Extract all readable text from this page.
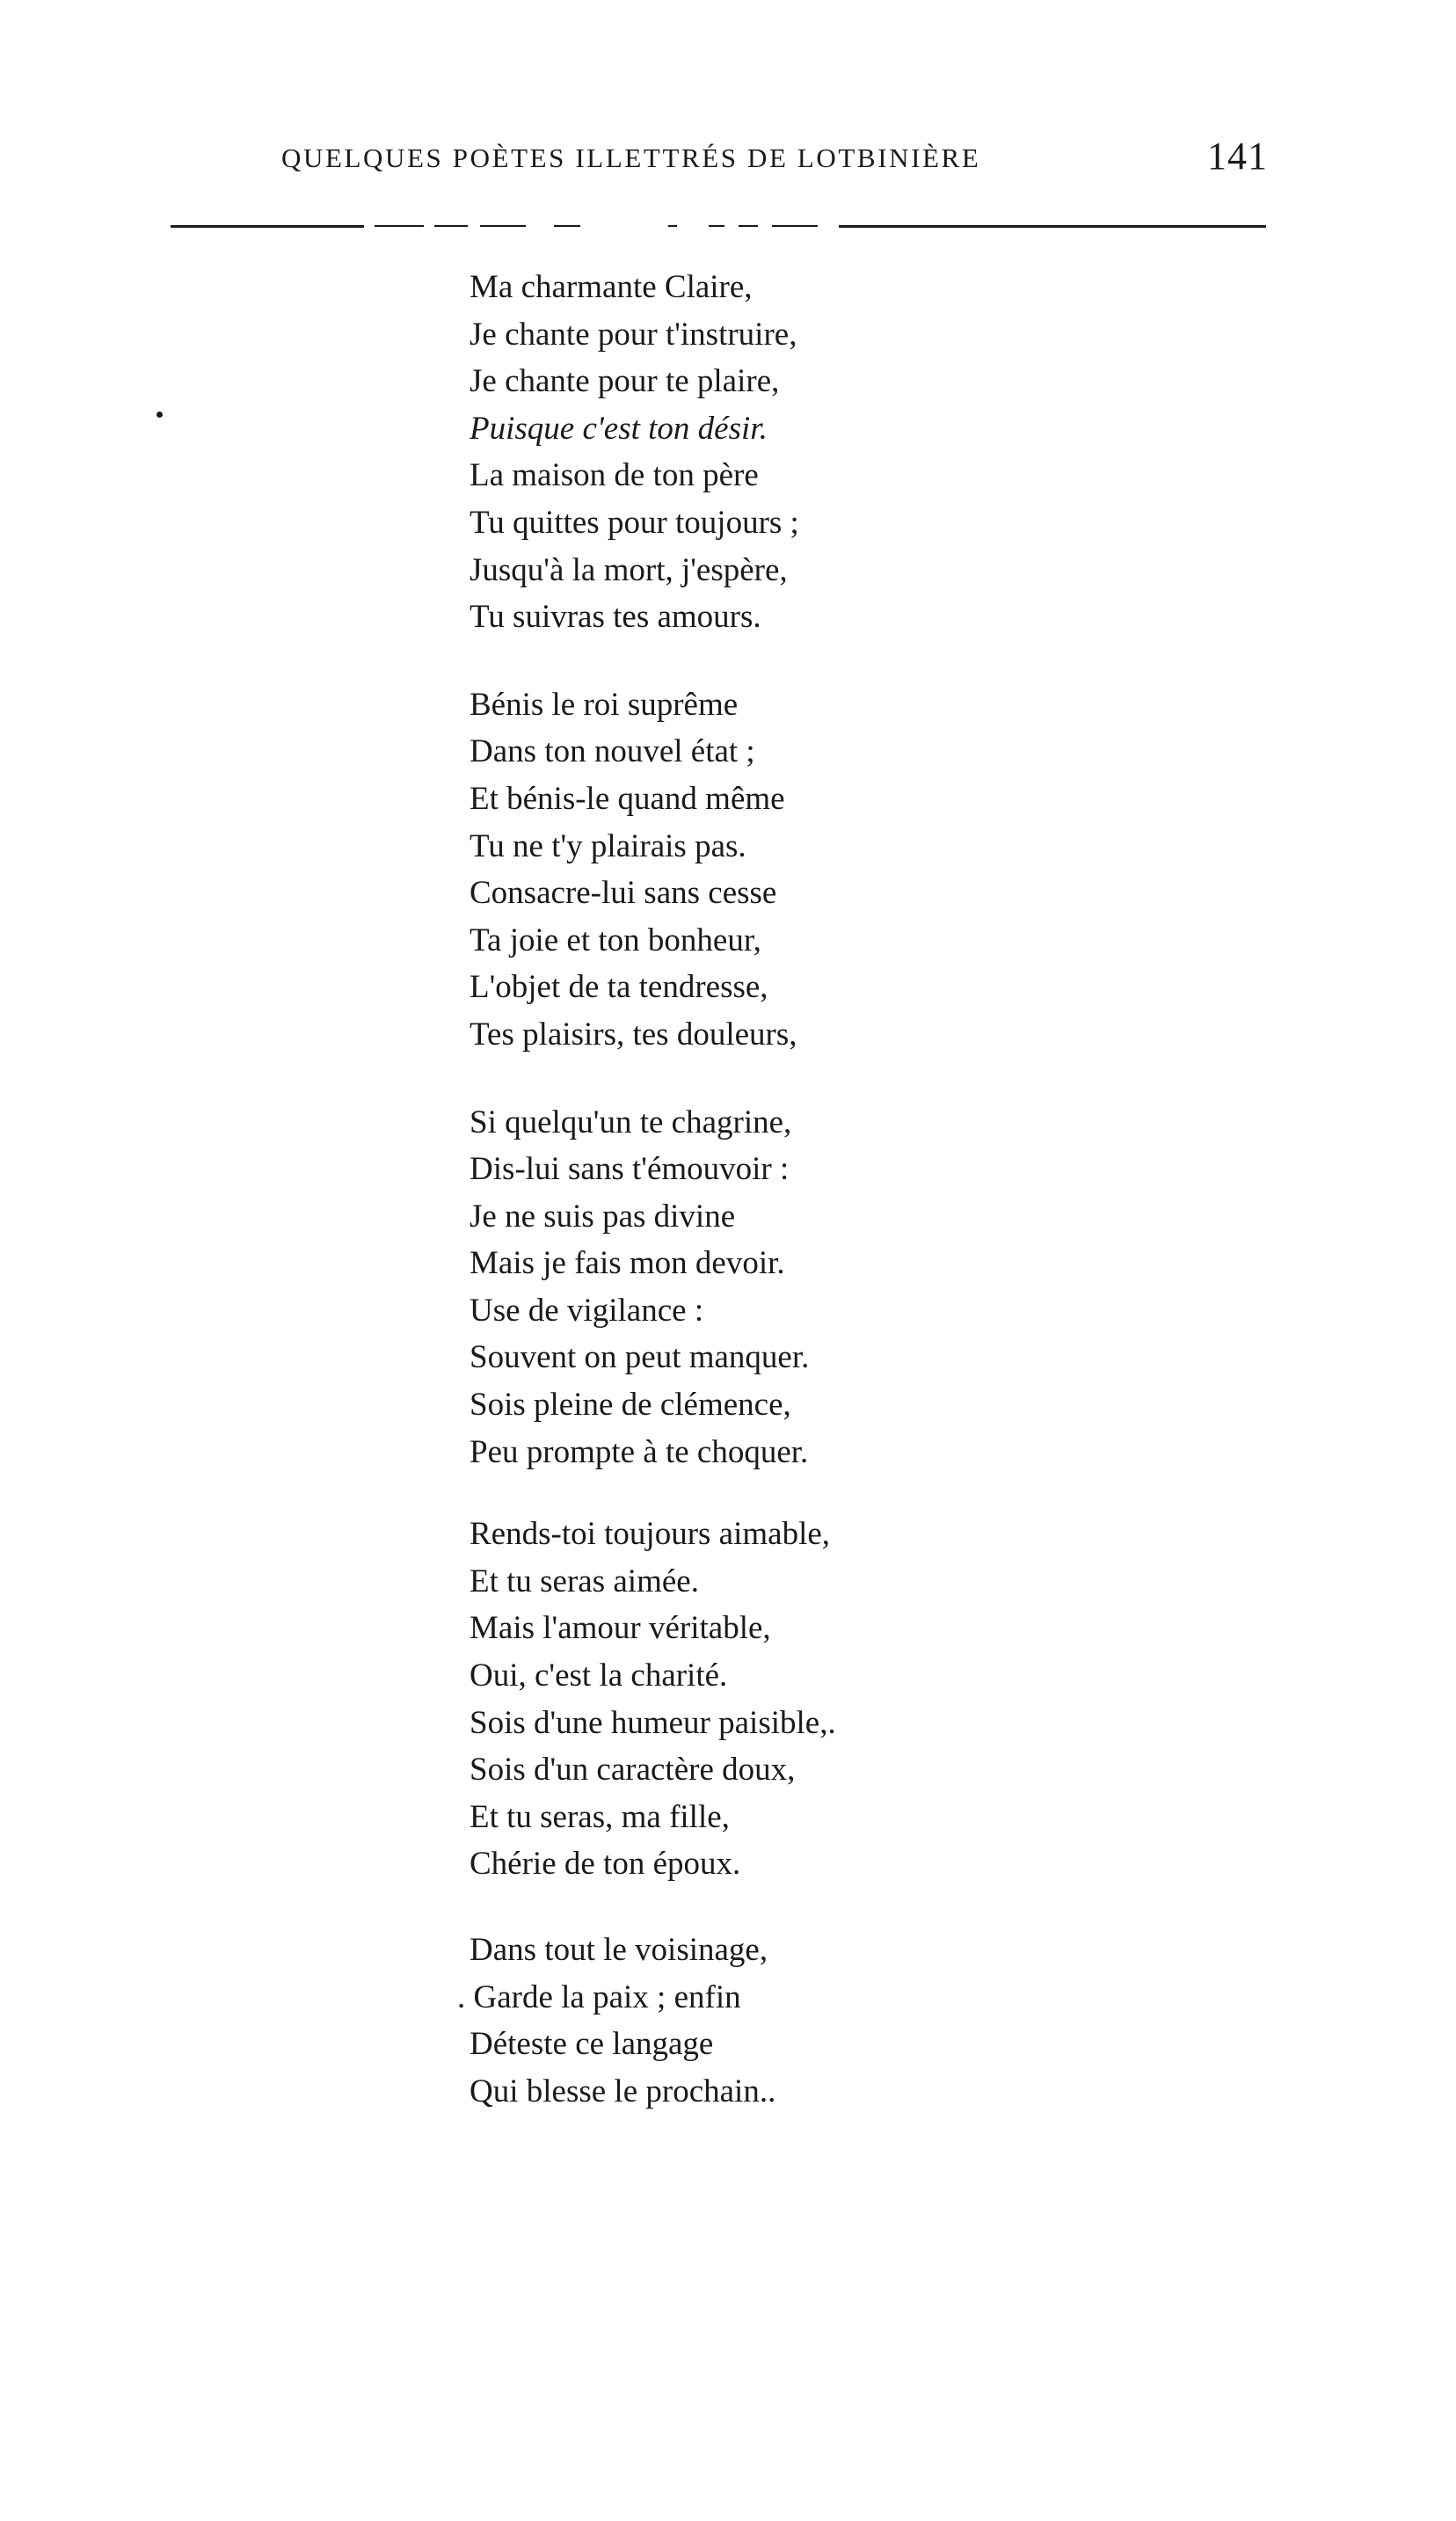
QUELQUES POÈTES ILLETTRÉS DE LOTBINIÈRE	141
Ma charmante Claire,
Je chante pour t'instruire,
Je chante pour te plaire,
Puisque c'est ton désir.
La maison de ton père
Tu quittes pour toujours ;
Jusqu'à la mort, j'espère,
Tu suivras tes amours.
Bénis le roi suprême
Dans ton nouvel état ;
Et bénis-le quand même
Tu ne t'y plairais pas.
Consacre-lui sans cesse
Ta joie et ton bonheur,
L'objet de ta tendresse,
Tes plaisirs, tes douleurs,
Si quelqu'un te chagrine,
Dis-lui sans t'émouvoir :
Je ne suis pas divine
Mais je fais mon devoir.
Use de vigilance :
Souvent on peut manquer.
Sois pleine de clémence,
Peu prompte à te choquer.
Rends-toi toujours aimable,
Et tu seras aimée.
Mais l'amour véritable,
Oui, c'est la charité.
Sois d'une humeur paisible,.
Sois d'un caractère doux,
Et tu seras, ma fille,
Chérie de ton époux.
Dans tout le voisinage,
. Garde la paix ; enfin
Déteste ce langage
Qui blesse le prochain..
